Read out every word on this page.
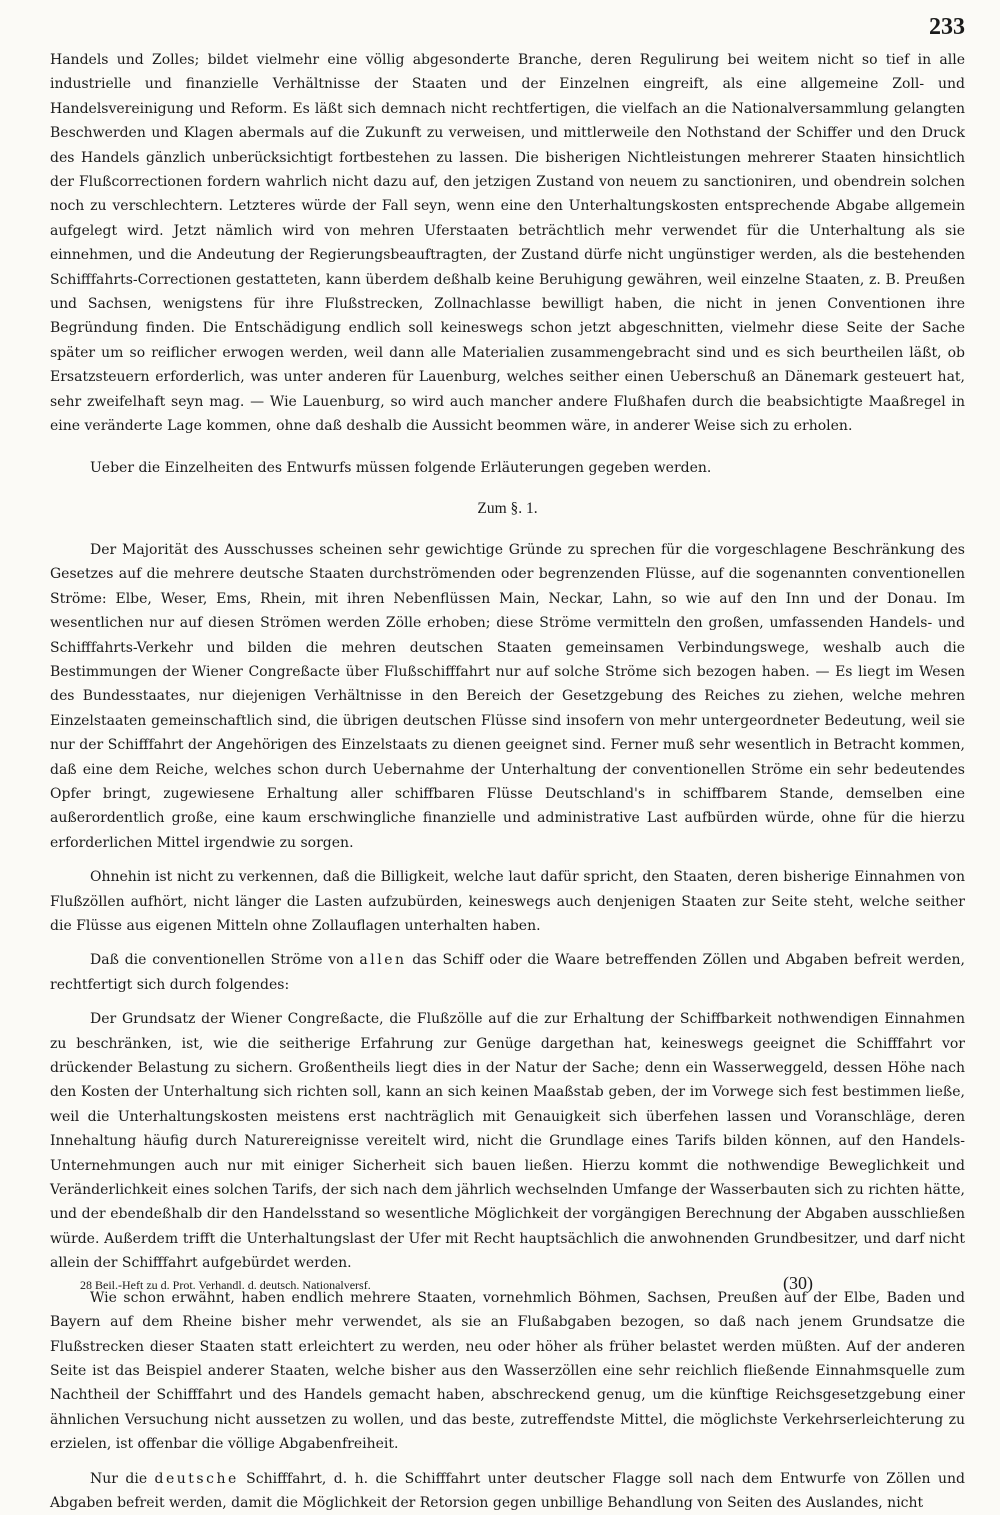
233

Handels und Zolles; bildet vielmehr eine völlig abgesonderte Branche, deren Regulirung bei weitem nicht so tief in alle industrielle und finanzielle Verhältnisse der Staaten und der Einzelnen eingreift, als eine allgemeine Zoll- und Handelsvereinigung und Reform. Es läßt sich demnach nicht rechtfertigen, die vielfach an die Nationalversammlung gelangten Beschwerden und Klagen abermals auf die Zukunft zu verweisen, und mittlerweile den Nothstand der Schiffer und den Druck des Handels gänzlich unberücksichtigt fortbestehen zu lassen. Die bisherigen Nichtleistungen mehrerer Staaten hinsichtlich der Flußcorrectionen fordern wahrlich nicht dazu auf, den jetzigen Zustand von neuem zu sanctioniren, und obendrein solchen noch zu verschlechtern. Letzteres würde der Fall seyn, wenn eine den Unterhaltungskosten entsprechende Abgabe allgemein aufgelegt wird. Jetzt nämlich wird von mehren Uferstaaten beträchtlich mehr verwendet für die Unterhaltung als sie einnehmen, und die Andeutung der Regierungsbeauftragten, der Zustand dürfe nicht ungünstiger werden, als die bestehenden Schifffahrts-Correctionen gestatteten, kann überdem deßhalb keine Beruhigung gewähren, weil einzelne Staaten, z. B. Preußen und Sachsen, wenigstens für ihre Flußstrecken, Zollnachlasse bewilligt haben, die nicht in jenen Conventionen ihre Begründung finden. Die Entschädigung endlich soll keineswegs schon jetzt abgeschnitten, vielmehr diese Seite der Sache später um so reiflicher erwogen werden, weil dann alle Materialien zusammengebracht sind und es sich beurtheilen läßt, ob Ersatzsteuern erforderlich, was unter anderen für Lauenburg, welches seither einen Ueberschuß an Dänemark gesteuert hat, sehr zweifelhaft seyn mag. — Wie Lauenburg, so wird auch mancher andere Flußhafen durch die beabsichtigte Maaßregel in eine veränderte Lage kommen, ohne daß deshalb die Aussicht beommen wäre, in anderer Weise sich zu erholen.

Ueber die Einzelheiten des Entwurfs müssen folgende Erläuterungen gegeben werden.

Zum §. 1.

Der Majorität des Ausschusses scheinen sehr gewichtige Gründe zu sprechen für die vorgeschlagene Beschränkung des Gesetzes auf die mehrere deutsche Staaten durchströmenden oder begrenzenden Flüsse, auf die sogenannten conventionellen Ströme: Elbe, Weser, Ems, Rhein, mit ihren Nebenflüssen Main, Neckar, Lahn, so wie auf den Inn und der Donau. Im wesentlichen nur auf diesen Strömen werden Zölle erhoben; diese Ströme vermitteln den großen, umfassenden Handels- und Schifffahrts-Verkehr und bilden die mehren deutschen Staaten gemeinsamen Verbindungswege, weshalb auch die Bestimmungen der Wiener Congreßacte über Flußschifffahrt nur auf solche Ströme sich bezogen haben. — Es liegt im Wesen des Bundesstaates, nur diejenigen Verhältnisse in den Bereich der Gesetzgebung des Reiches zu ziehen, welche mehren Einzelstaaten gemeinschaftlich sind, die übrigen deutschen Flüsse sind insofern von mehr untergeordneter Bedeutung, weil sie nur der Schifffahrt der Angehörigen des Einzelstaats zu dienen geeignet sind. Ferner muß sehr wesentlich in Betracht kommen, daß eine dem Reiche, welches schon durch Uebernahme der Unterhaltung der conventionellen Ströme ein sehr bedeutendes Opfer bringt, zugewiesene Erhaltung aller schiffbaren Flüsse Deutschland's in schiffbarem Stande, demselben eine außerordentlich große, eine kaum erschwingliche finanzielle und administrative Last aufbürden würde, ohne für die hierzu erforderlichen Mittel irgendwie zu sorgen.

Ohnehin ist nicht zu verkennen, daß die Billigkeit, welche laut dafür spricht, den Staaten, deren bisherige Einnahmen von Flußzöllen aufhört, nicht länger die Lasten aufzubürden, keineswegs auch denjenigen Staaten zur Seite steht, welche seither die Flüsse aus eigenen Mitteln ohne Zollauflagen unterhalten haben.

Daß die conventionellen Ströme von allen das Schiff oder die Waare betreffenden Zöllen und Abgaben befreit werden, rechtfertigt sich durch folgendes:

Der Grundsatz der Wiener Congreßacte, die Flußzölle auf die zur Erhaltung der Schiffbarkeit nothwendigen Einnahmen zu beschränken, ist, wie die seitherige Erfahrung zur Genüge dargethan hat, keineswegs geeignet die Schifffahrt vor drückender Belastung zu sichern. Großentheils liegt dies in der Natur der Sache; denn ein Wasserweggeld, dessen Höhe nach den Kosten der Unterhaltung sich richten soll, kann an sich keinen Maaßstab geben, der im Vorwege sich fest bestimmen ließe, weil die Unterhaltungskosten meistens erst nachträglich mit Genauigkeit sich überfehen lassen und Voranschläge, deren Innehaltung häufig durch Naturereignisse vereitelt wird, nicht die Grundlage eines Tarifs bilden können, auf den Handels-Unternehmungen auch nur mit einiger Sicherheit sich bauen ließen. Hierzu kommt die nothwendige Beweglichkeit und Veränderlichkeit eines solchen Tarifs, der sich nach dem jährlich wechselnden Umfange der Wasserbauten sich zu richten hätte, und der ebendeßhalb dir den Handelsstand so wesentliche Möglichkeit der vorgängigen Berechnung der Abgaben ausschließen würde. Außerdem trifft die Unterhaltungslast der Ufer mit Recht hauptsächlich die anwohnenden Grundbesitzer, und darf nicht allein der Schifffahrt aufgebürdet werden.

Wie schon erwähnt, haben endlich mehrere Staaten, vornehmlich Böhmen, Sachsen, Preußen auf der Elbe, Baden und Bayern auf dem Rheine bisher mehr verwendet, als sie an Flußabgaben bezogen, so daß nach jenem Grundsatze die Flußstrecken dieser Staaten statt erleichtert zu werden, neu oder höher als früher belastet werden müßten. Auf der anderen Seite ist das Beispiel anderer Staaten, welche bisher aus den Wasserzöllen eine sehr reichlich fließende Einnahmsquelle zum Nachtheil der Schifffahrt und des Handels gemacht haben, abschreckend genug, um die künftige Reichsgesetzgebung einer ähnlichen Versuchung nicht aussetzen zu wollen, und das beste, zutreffendste Mittel, die möglichste Verkehrserleichterung zu erzielen, ist offenbar die völlige Abgabenfreiheit.

Nur die deutsche Schifffahrt, d. h. die Schifffahrt unter deutscher Flagge soll nach dem Entwurfe von Zöllen und Abgaben befreit werden, damit die Möglichkeit der Retorsion gegen unbillige Behandlung von Seiten des Auslandes, nicht

28 Beil.-Heft zu d. Prot. Verhandl. d. deutsch. Nationalversf.	(30)
